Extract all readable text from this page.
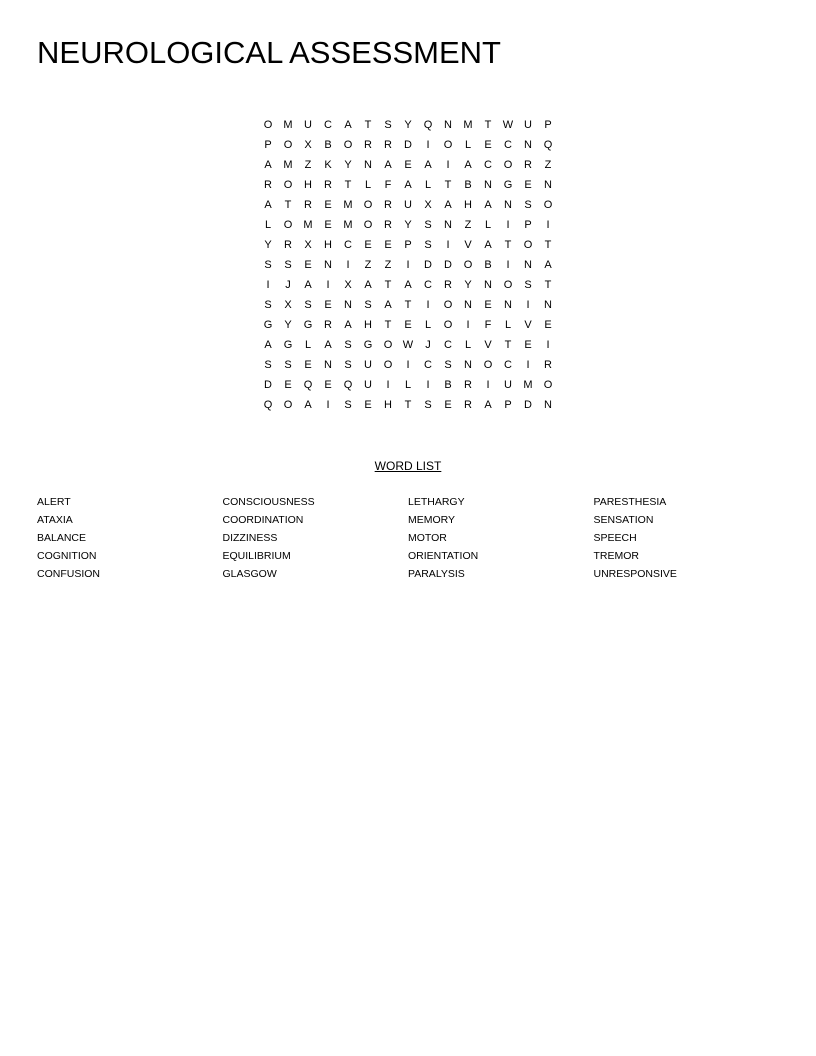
NEUROLOGICAL ASSESSMENT
O	M	U	C	A	T	S	Y	Q	N	M	T	W U	P
P	O	X	B	O	R	R	D	I	O	L	E	C	N	Q
A	M	Z	K	Y	N	A	E	A	I	A	C	O	R	Z
R	O	H	R	T	L	F	A	L	T	B	N	G	E	N
A	T	R	E	M	O	R	U	X	A	H	A	N	S	O
L	O	M	E	M	O	R	Y	S	N	Z	L	I	P	I
Y	R	X	H	C	E	E	P	S	I	V	A	T	O	T
S	S	E	N	I	Z	Z	I	D	D	O	B	I	N	A
I	J	A	I	X	A	T	A	C	R	Y	N	O	S	T
S	X	S	E	N	S	A	T	I	O	N	E	N	I	N
G	Y	G	R	A	H	T	E	L	O	I	F	L	V	E
A	G	L	A	S	G	O W	J	C	L	V	T	E	I
S	S	E	N	S	U	O	I	C	S	N	O	C	I	R
D	E	Q	E	Q	U	I	L	I	B	R	I	U	M	O
Q	O	A	I	S	E	H	T	S	E	R	A	P	D	N
WORD LIST
ALERT
ATAXIA
BALANCE
COGNITION
CONFUSION
CONSCIOUSNESS
COORDINATION
DIZZINESS
EQUILIBRIUM
GLASGOW
LETHARGY
MEMORY
MOTOR
ORIENTATION
PARALYSIS
PARESTHESIA
SENSATION
SPEECH
TREMOR
UNRESPONSIVE
